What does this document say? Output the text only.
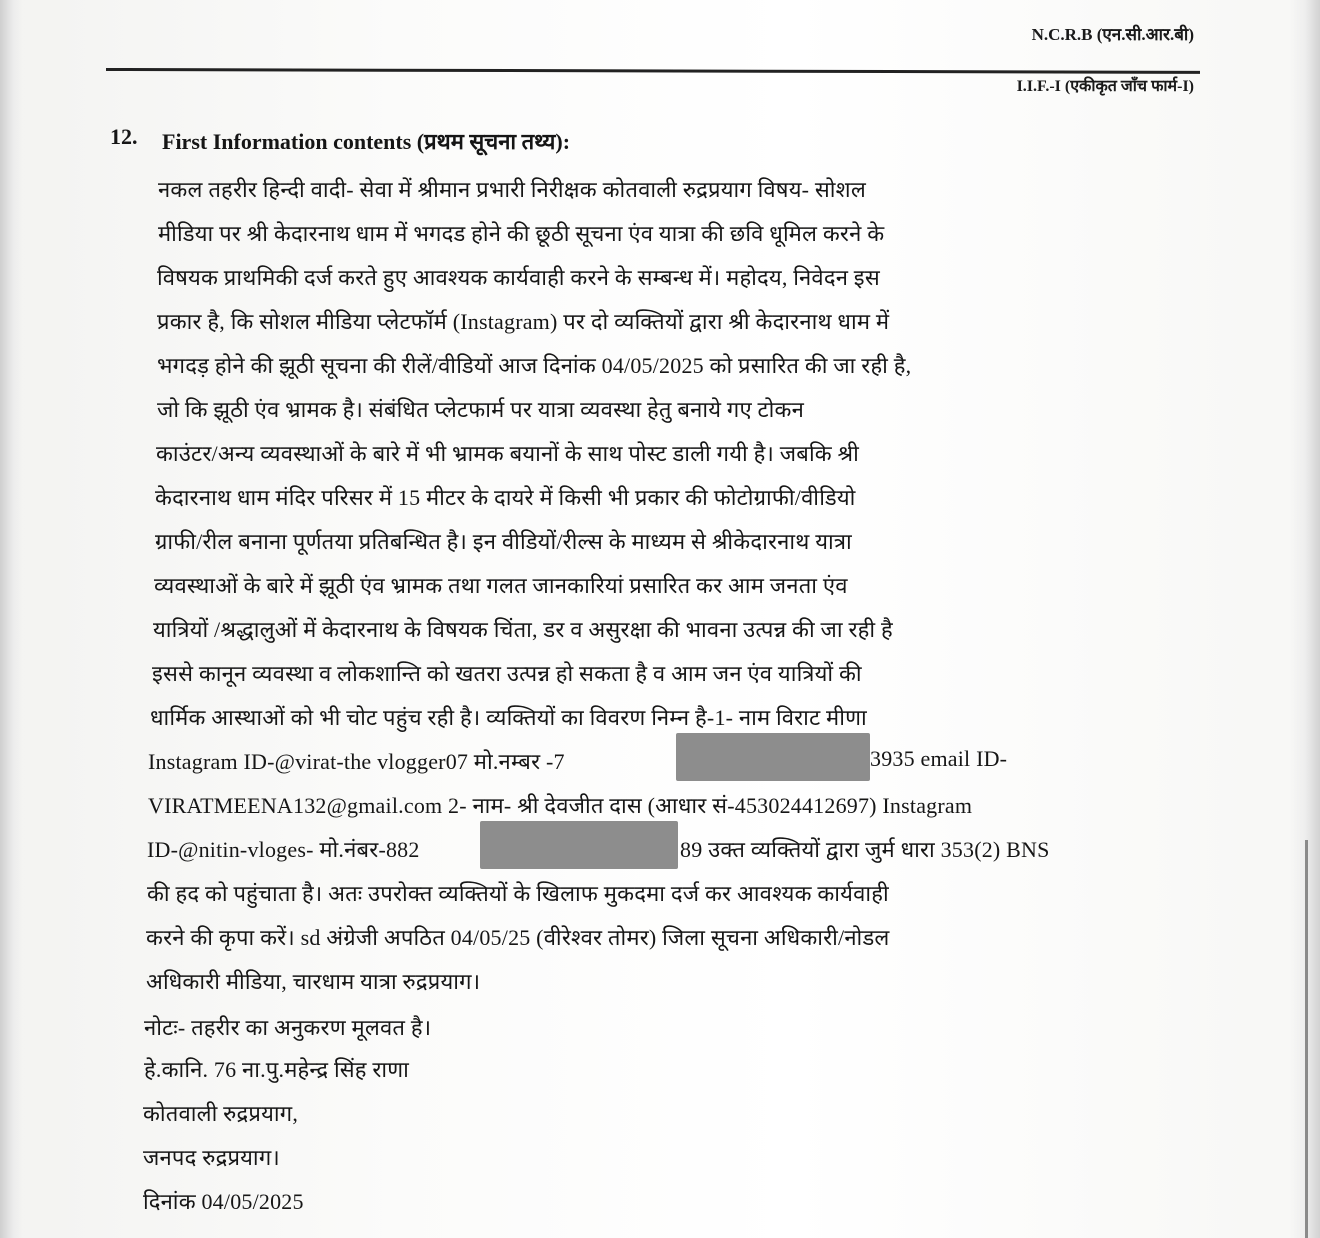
N.C.R.B (एन.सी.आर.बी)
I.I.F.-I (एकीकृत जाँच फार्म-I)
12. First Information contents (प्रथम सूचना तथ्य):
नकल तहरीर हिन्दी वादी- सेवा में श्रीमान प्रभारी निरीक्षक कोतवाली रुद्रप्रयाग विषय- सोशल
मीडिया पर श्री केदारनाथ धाम में भगदड होने की छूठी सूचना एंव यात्रा की छवि धूमिल करने के
विषयक प्राथमिकी दर्ज करते हुए आवश्यक कार्यवाही करने के सम्बन्ध में। महोदय, निवेदन इस
प्रकार है, कि सोशल मीडिया प्लेटफॉर्म (Instagram) पर दो व्यक्तियों द्वारा श्री केदारनाथ धाम में
भगदड़ होने की झूठी सूचना की रीलें/वीडियों आज दिनांक 04/05/2025 को प्रसारित की जा रही है,
जो कि झूठी एंव भ्रामक है। संबंधित प्लेटफार्म पर यात्रा व्यवस्था हेतु बनाये गए टोकन
काउंटर/अन्य व्यवस्थाओं के बारे में भी भ्रामक बयानों के साथ पोस्ट डाली गयी है। जबकि श्री
केदारनाथ धाम मंदिर परिसर में 15 मीटर के दायरे में किसी भी प्रकार की फोटोग्राफी/वीडियो
ग्राफी/रील बनाना पूर्णतया प्रतिबन्धित है। इन वीडियों/रील्स के माध्यम से श्रीकेदारनाथ यात्रा
व्यवस्थाओं के बारे में झूठी एंव भ्रामक तथा गलत जानकारियां प्रसारित कर आम जनता एंव
यात्रियों /श्रद्धालुओं में केदारनाथ के विषयक चिंता, डर व असुरक्षा की भावना उत्पन्न की जा रही है
इससे कानून व्यवस्था व लोकशान्ति को खतरा उत्पन्न हो सकता है व आम जन एंव यात्रियों की
धार्मिक आस्थाओं को भी चोट पहुंच रही है। व्यक्तियों का विवरण निम्न है-1- नाम विराट मीणा
Instagram ID-@virat-the vlogger07 मो.नम्बर -7	3935 email ID-
VIRATMEENA132@gmail.com 2- नाम- श्री देवजीत दास (आधार सं-453024412697) Instagram
ID-@nitin-vloges- मो.नंबर-882	89 उक्त व्यक्तियों द्वारा जुर्म धारा 353(2) BNS
की हद को पहुंचाता है। अतः उपरोक्त व्यक्तियों के खिलाफ मुकदमा दर्ज कर आवश्यक कार्यवाही
करने की कृपा करें। sd अंग्रेजी अपठित 04/05/25 (वीरेश्वर तोमर) जिला सूचना अधिकारी/नोडल
अधिकारी मीडिया, चारधाम यात्रा रुद्रप्रयाग।
नोटः- तहरीर का अनुकरण मूलवत है।
हे.कानि. 76 ना.पु.महेन्द्र सिंह राणा
कोतवाली रुद्रप्रयाग,
जनपद रुद्रप्रयाग।
दिनांक 04/05/2025
